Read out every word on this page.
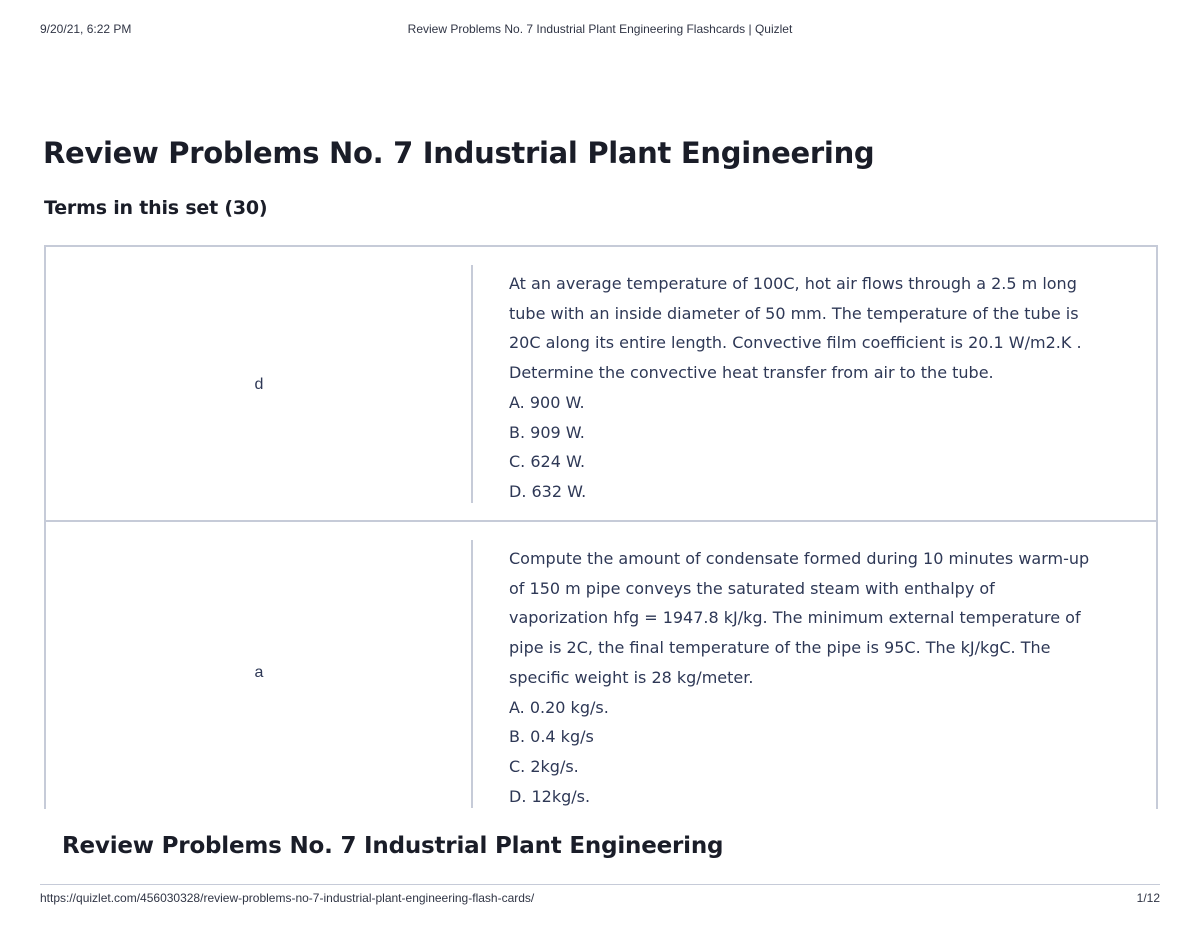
9/20/21, 6:22 PM	Review Problems No. 7 Industrial Plant Engineering Flashcards | Quizlet
Review Problems No. 7 Industrial Plant Engineering
Terms in this set (30)
d

At an average temperature of 100C, hot air flows through a 2.5 m long
tube with an inside diameter of 50 mm. The temperature of the tube is
20C along its entire length. Convective film coefficient is 20.1 W/m2.K .
Determine the convective heat transfer from air to the tube.
A. 900 W.
B. 909 W.
C. 624 W.
D. 632 W.

a

Compute the amount of condensate formed during 10 minutes warm-up
of 150 m pipe conveys the saturated steam with enthalpy of
vaporization hfg = 1947.8 kJ/kg. The minimum external temperature of
pipe is 2C, the final temperature of the pipe is 95C. The kJ/kgC. The
specific weight is 28 kg/meter.
A. 0.20 kg/s.
B. 0.4 kg/s
C. 2kg/s.
D. 12kg/s.

Review Problems No. 7 Industrial Plant Engineering
https://quizlet.com/456030328/review-problems-no-7-industrial-plant-engineering-flash-cards/	1/12
